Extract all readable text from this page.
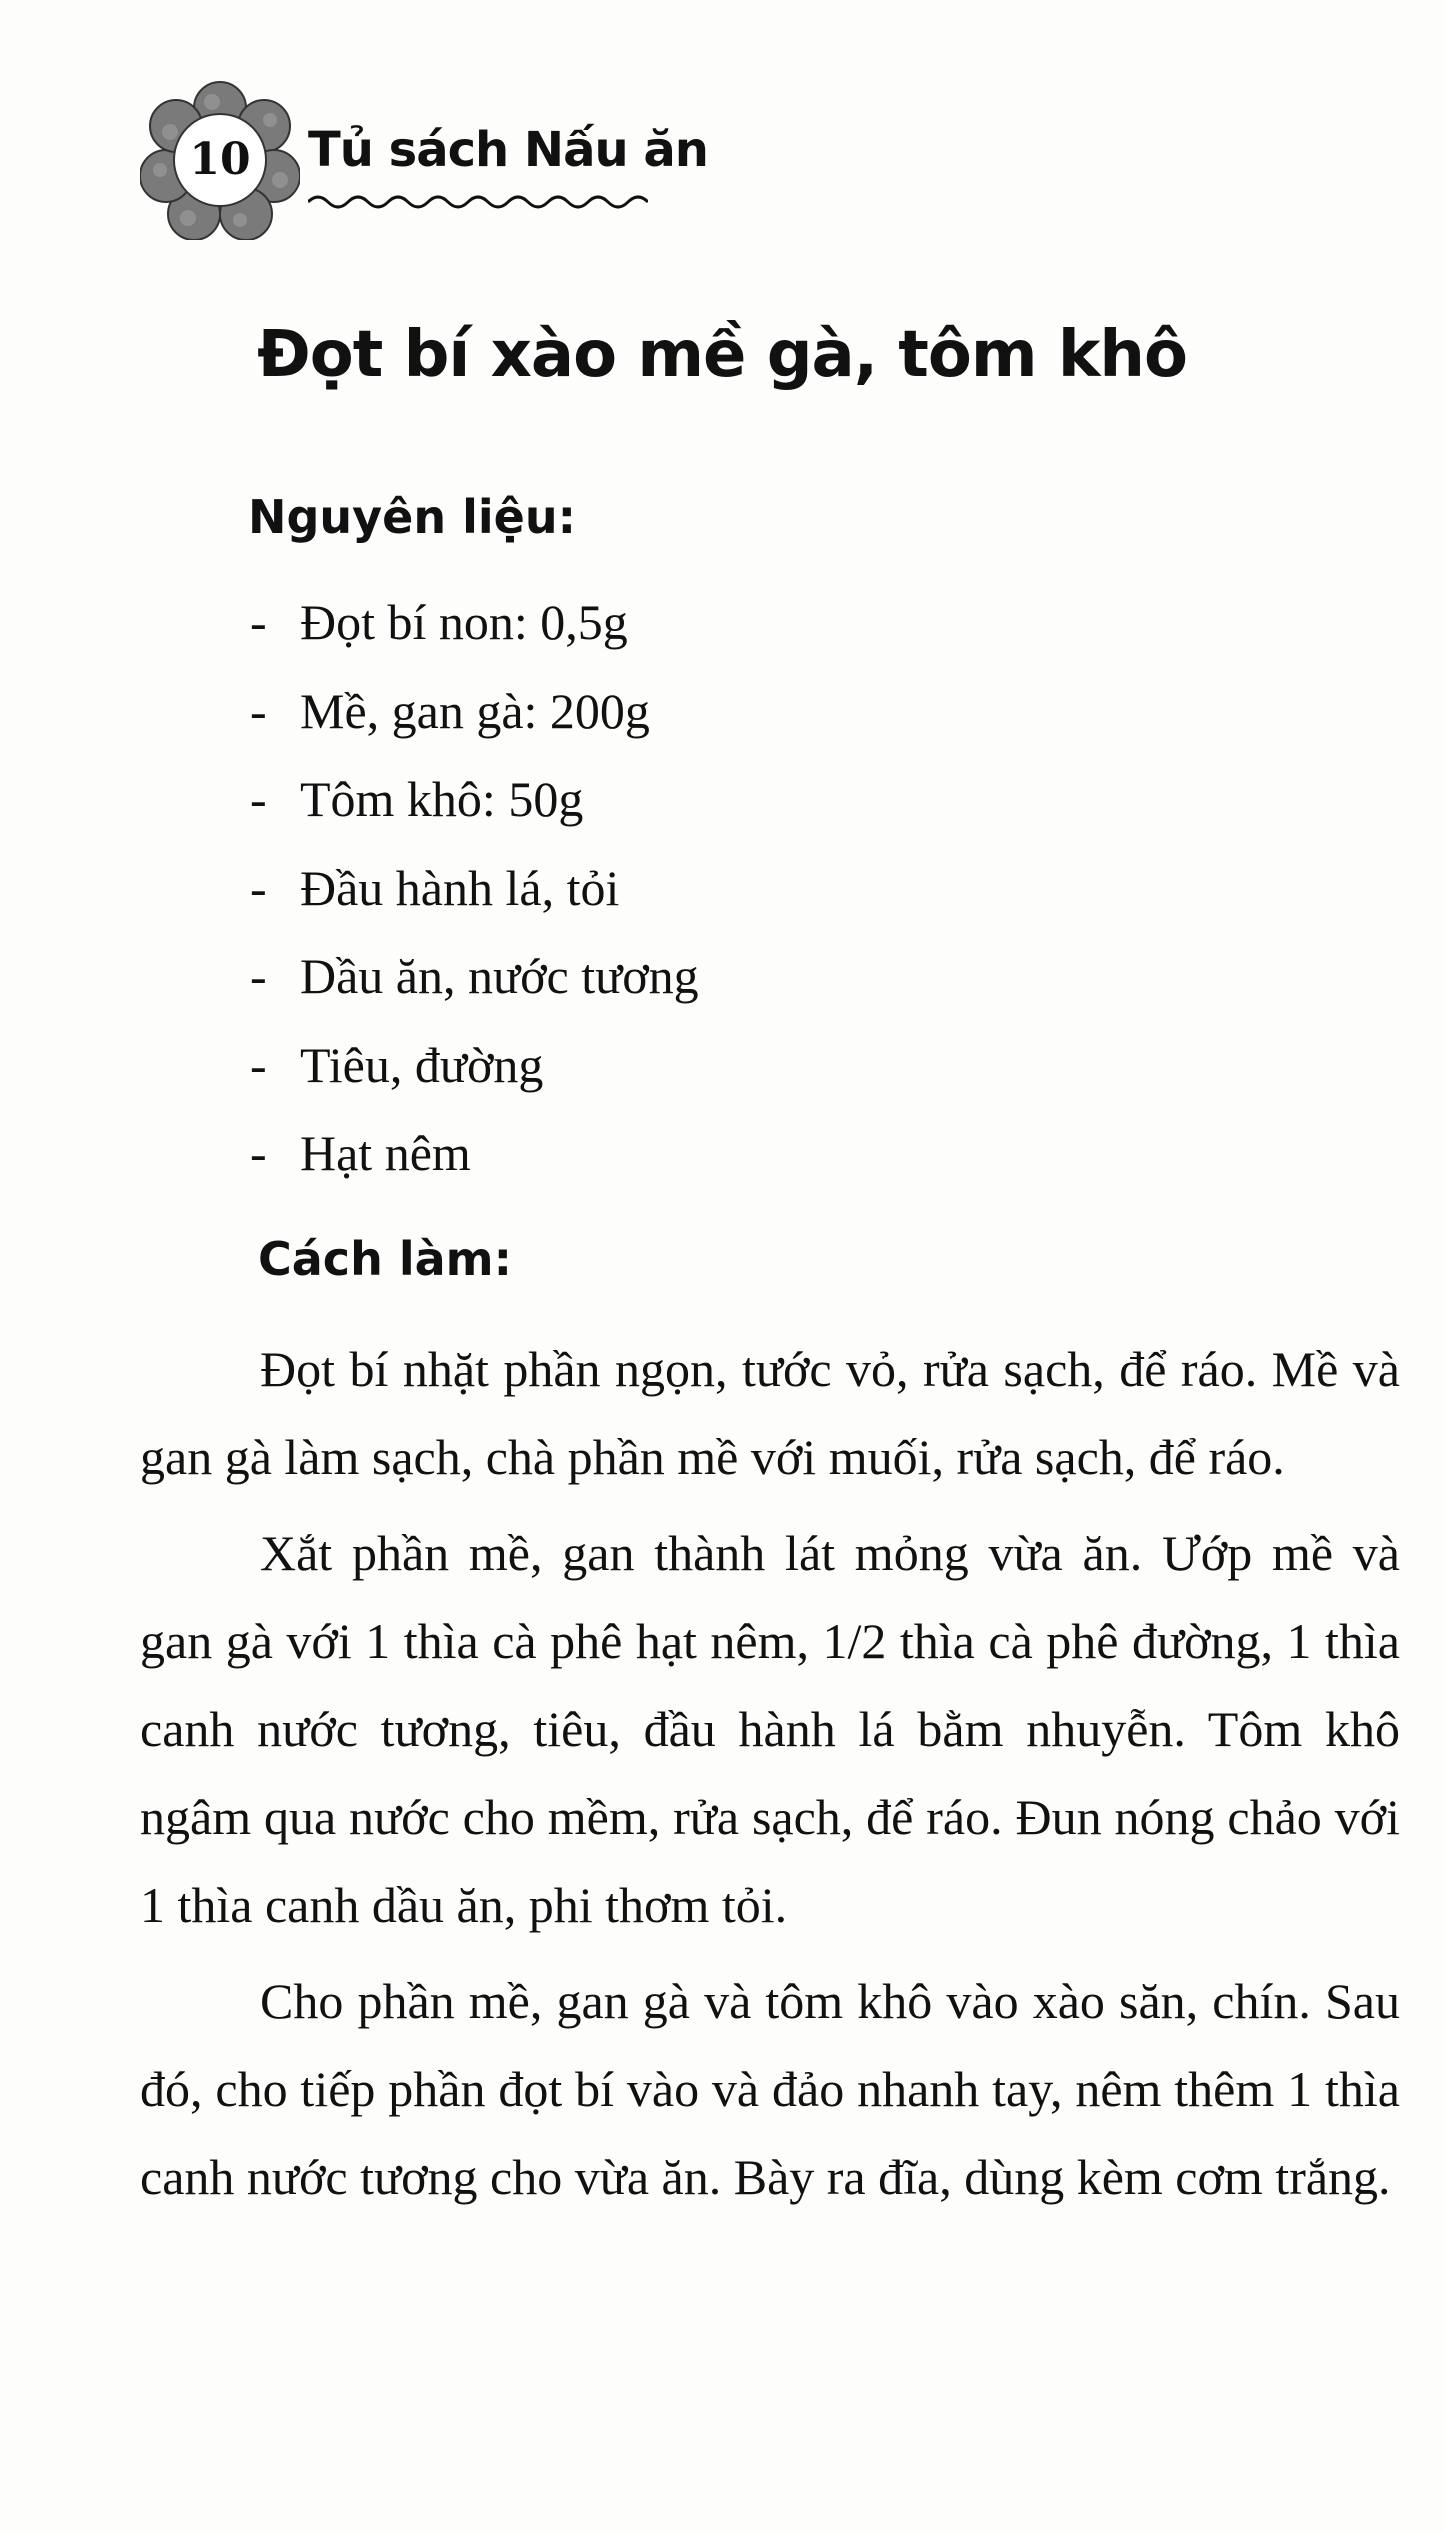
10	Tủ sách Nấu ăn
Đọt bí xào mề gà, tôm khô
Nguyên liệu:
- Đọt bí non: 0,5g
- Mề, gan gà: 200g
- Tôm khô: 50g
- Đầu hành lá, tỏi
- Dầu ăn, nước tương
- Tiêu, đường
- Hạt nêm
Cách làm:

Đọt bí nhặt phần ngọn, tước vỏ, rửa sạch, để ráo. Mề và gan gà làm sạch, chà phần mề với muối, rửa sạch, để ráo.

Xắt phần mề, gan thành lát mỏng vừa ăn. Ướp mề và gan gà với 1 thìa cà phê hạt nêm, 1/2 thìa cà phê đường, 1 thìa canh nước tương, tiêu, đầu hành lá bằm nhuyễn. Tôm khô ngâm qua nước cho mềm, rửa sạch, để ráo. Đun nóng chảo với 1 thìa canh dầu ăn, phi thơm tỏi.

Cho phần mề, gan gà và tôm khô vào xào săn, chín. Sau đó, cho tiếp phần đọt bí vào và đảo nhanh tay, nêm thêm 1 thìa canh nước tương cho vừa ăn. Bày ra đĩa, dùng kèm cơm trắng.
